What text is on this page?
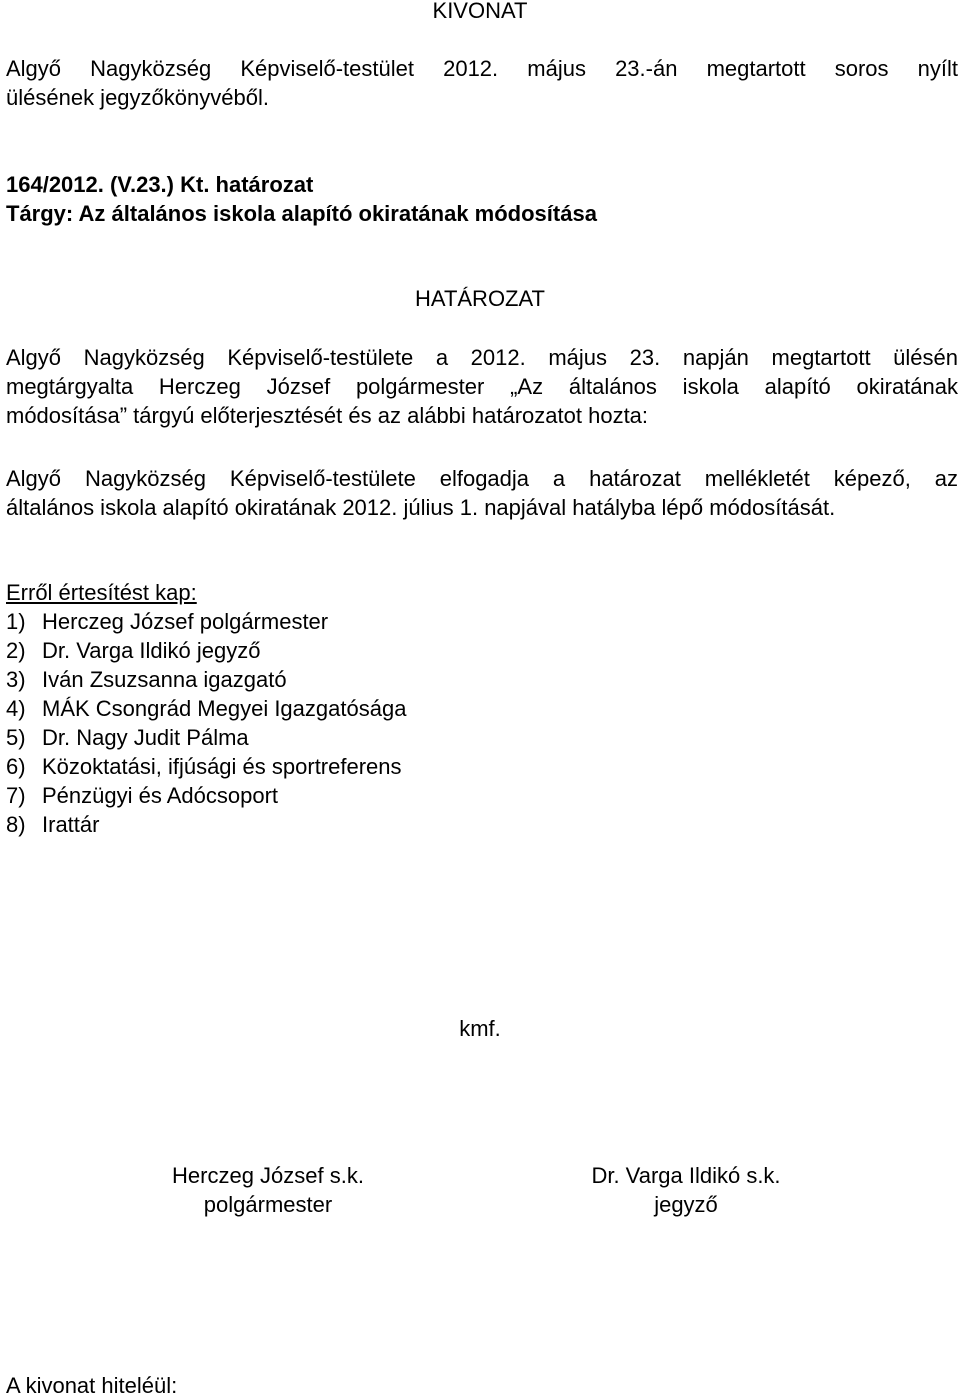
KIVONAT
Algyő Nagyközség Képviselő-testület 2012. május 23.-án megtartott soros nyílt
ülésének jegyzőkönyvéből.
164/2012. (V.23.) Kt. határozat
Tárgy: Az általános iskola alapító okiratának módosítása
HATÁROZAT
Algyő Nagyközség Képviselő-testülete a 2012. május 23. napján megtartott ülésén
megtárgyalta Herczeg József polgármester „Az általános iskola alapító okiratának
módosítása” tárgyú előterjesztését és az alábbi határozatot hozta:
Algyő Nagyközség Képviselő-testülete elfogadja a határozat mellékletét képező, az
általános iskola alapító okiratának 2012. július 1. napjával hatályba lépő módosítását.
Erről értesítést kap:
1) Herczeg József polgármester
2) Dr. Varga Ildikó jegyző
3) Iván Zsuzsanna igazgató
4) MÁK Csongrád Megyei Igazgatósága
5) Dr. Nagy Judit Pálma
6) Közoktatási, ifjúsági és sportreferens
7) Pénzügyi és Adócsoport
8) Irattár
kmf.
Herczeg József s.k.
polgármester
Dr. Varga Ildikó s.k.
jegyző
A kivonat hiteléül:
